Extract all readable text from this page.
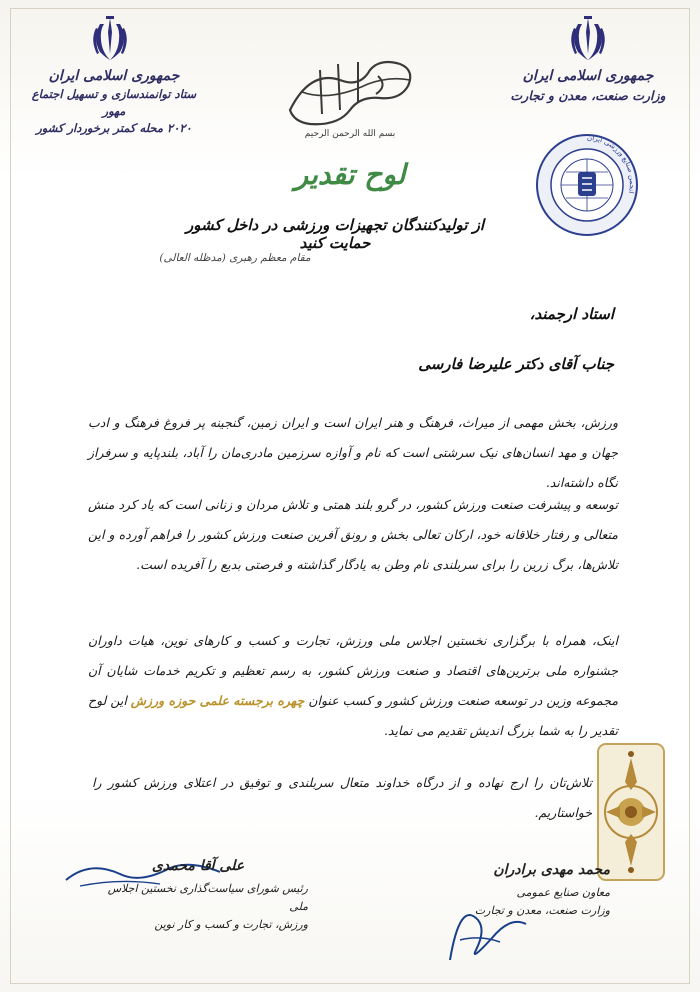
جمهوری اسلامی ایران
وزارت صنعت، معدن و تجارت
جمهوری اسلامی ایران
ستاد توانمندسازی و تسهیل اجتماع مهور
۲۰۲۰ محله کمتر برخوردار کشور	بسم الله الرحمن الرحیم
لوح تقدیر
انجمن صنایع ورزشی ایران
از تولیدکنندگان تجهیزات ورزشی در داخل کشور حمایت کنید
مقام معظم رهبری (مدظله العالی)
استاد ارجمند،
جناب آقای دکتر علیرضا فارسی
ورزش، بخش مهمی از میراث، فرهنگ و هنر ایران است و ایران زمین، گنجینه پر فروغ فرهنگ و ادب جهان و مهد انسان‌های نیک سرشتی است که نام و آوازه سرزمین مادری‌مان را آباد، بلندپایه و سرفراز نگاه داشته‌اند.
توسعه و پیشرفت صنعت ورزش کشور، در گرو بلند همتی و تلاش مردان و زنانی است که یاد کرد منش متعالی و رفتار خلاقانه خود، ارکان تعالی بخش و رونق آفرین صنعت ورزش کشور را فراهم آورده و این تلاش‌ها، برگ زرین را برای سربلندی نام وطن به یادگار گذاشته و فرصتی بدیع را آفریده است.
اینک، همراه با برگزاری نخستین اجلاس ملی ورزش، تجارت و کسب و کارهای نوین، هیات داوران جشنواره ملی برترین‌های اقتصاد و صنعت ورزش کشور، به رسم تعظیم و تکریم خدمات شایان آن مجموعه وزین در توسعه صنعت ورزش کشور و کسب عنوان چهره برجسته علمی حوزه ورزش این لوح تقدیر را به شما بزرگ اندیش تقدیم می نماید.
تلاش‌تان را ارج نهاده و از درگاه خداوند متعال سربلندی و توفیق در اعتلای ورزش کشور را خواستاریم.
محمد مهدی برادران
معاون صنایع عمومی
وزارت صنعت، معدن و تجارت
علی آقا محمدی
رئیس شورای سیاست‌گذاری نخستین اجلاس ملی
ورزش، تجارت و کسب و کار نوین
